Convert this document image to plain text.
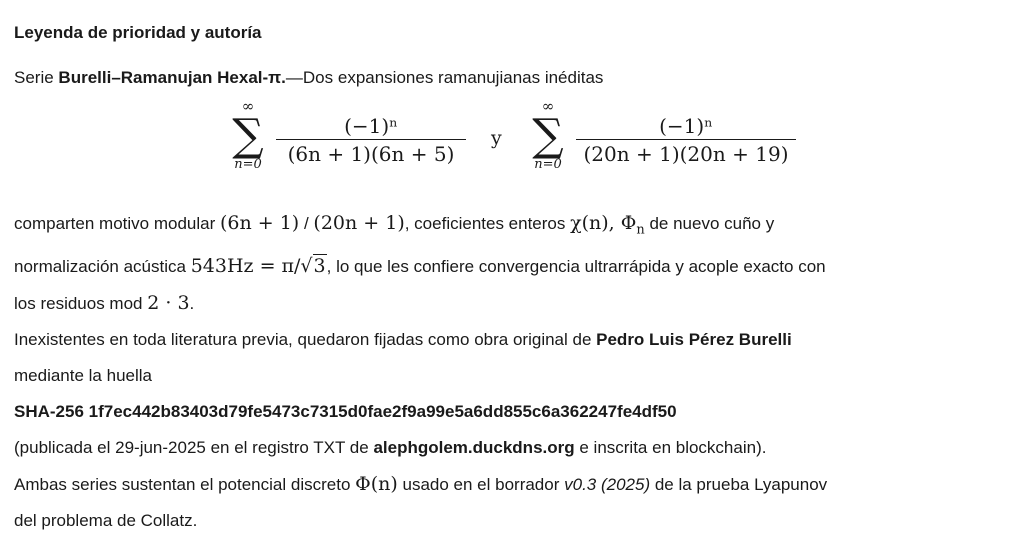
Leyenda de prioridad y autoría

Serie Burelli–Ramanujan Hexal-π.—Dos expansiones ramanujianas inéditas

∞
∑
n=0
(−1)ⁿ
(6n + 1)(6n + 5)
y
∞
∑
n=0
(−1)ⁿ
(20n + 1)(20n + 19)

comparten motivo modular (6n + 1) / (20n + 1), coeficientes enteros χ(n), $\Phi_n$ de nuevo cuño y

normalización acústica 543Hz = π/√3, lo que les confiere convergencia ultrarrápida y acople exacto con

los residuos mod 2 · 3.

Inexistentes en toda literatura previa, quedaron fijadas como obra original de Pedro Luis Pérez Burelli

mediante la huella

SHA-256 1f7ec442b83403d79fe5473c7315d0fae2f9a99e5a6dd855c6a362247fe4df50

(publicada el 29-jun-2025 en el registro TXT de alephgolem.duckdns.org e inscrita en blockchain).

Ambas series sustentan el potencial discreto Φ(n) usado en el borrador v0.3 (2025) de la prueba Lyapunov

del problema de Collatz.
